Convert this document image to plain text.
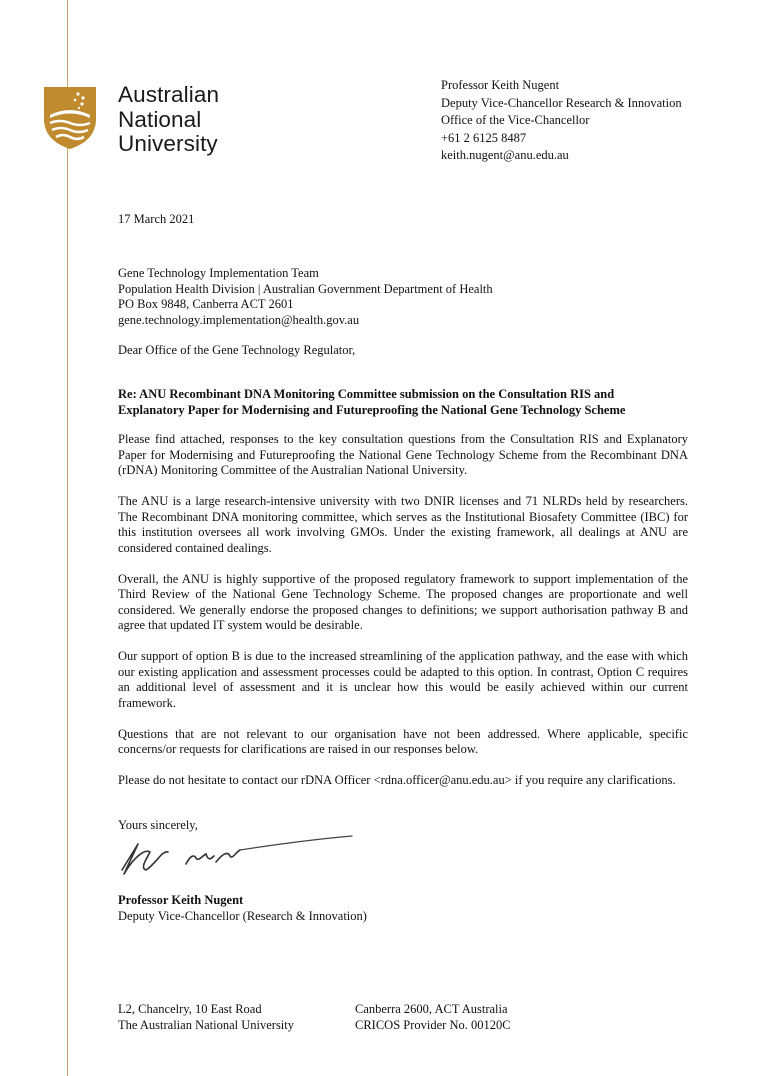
Australian
National
University
Professor Keith Nugent
Deputy Vice-Chancellor Research & Innovation
Office of the Vice-Chancellor
+61 2 6125 8487
keith.nugent@anu.edu.au
17 March 2021
Gene Technology Implementation Team
Population Health Division | Australian Government Department of Health
PO Box 9848, Canberra ACT 2601
gene.technology.implementation@health.gov.au
Dear Office of the Gene Technology Regulator,
Re: ANU Recombinant DNA Monitoring Committee submission on the Consultation RIS and Explanatory Paper for Modernising and Futureproofing the National Gene Technology Scheme

Please find attached, responses to the key consultation questions from the Consultation RIS and Explanatory Paper for Modernising and Futureproofing the National Gene Technology Scheme from the Recombinant DNA (rDNA) Monitoring Committee of the Australian National University.

The ANU is a large research-intensive university with two DNIR licenses and 71 NLRDs held by researchers. The Recombinant DNA monitoring committee, which serves as the Institutional Biosafety Committee (IBC) for this institution oversees all work involving GMOs. Under the existing framework, all dealings at ANU are considered contained dealings.

Overall, the ANU is highly supportive of the proposed regulatory framework to support implementation of the Third Review of the National Gene Technology Scheme. The proposed changes are proportionate and well considered. We generally endorse the proposed changes to definitions; we support authorisation pathway B and agree that updated IT system would be desirable.

Our support of option B is due to the increased streamlining of the application pathway, and the ease with which our existing application and assessment processes could be adapted to this option. In contrast, Option C requires an additional level of assessment and it is unclear how this would be easily achieved within our current framework.

Questions that are not relevant to our organisation have not been addressed. Where applicable, specific concerns/or requests for clarifications are raised in our responses below.

Please do not hesitate to contact our rDNA Officer <rdna.officer@anu.edu.au> if you require any clarifications.

Yours sincerely,
Professor Keith Nugent
Deputy Vice-Chancellor (Research & Innovation)
L2, Chancelry, 10 East Road
The Australian National University
Canberra 2600, ACT Australia
CRICOS Provider No. 00120C
